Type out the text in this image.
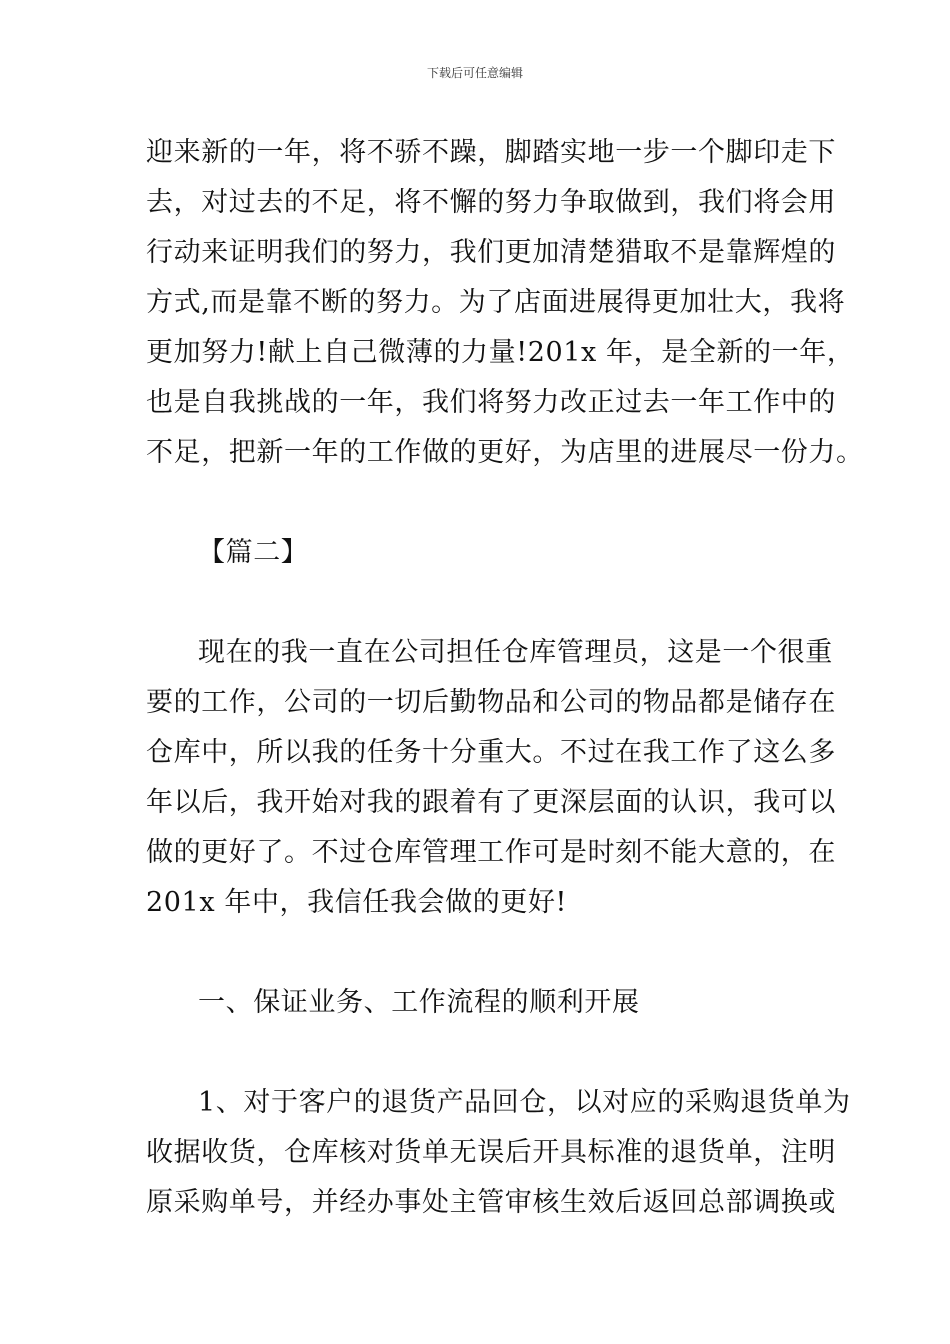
下载后可任意编辑
迎来新的一年，将不骄不躁，脚踏实地一步一个脚印走下
去，对过去的不足，将不懈的努力争取做到，我们将会用
行动来证明我们的努力，我们更加清楚猎取不是靠辉煌的
方式,而是靠不断的努力。为了店面进展得更加壮大，我将
更加努力!献上自己微薄的力量!201x 年，是全新的一年，
也是自我挑战的一年，我们将努力改正过去一年工作中的
不足，把新一年的工作做的更好，为店里的进展尽一份力。
【篇二】
现在的我一直在公司担任仓库管理员，这是一个很重
要的工作，公司的一切后勤物品和公司的物品都是储存在
仓库中，所以我的任务十分重大。不过在我工作了这么多
年以后，我开始对我的跟着有了更深层面的认识，我可以
做的更好了。不过仓库管理工作可是时刻不能大意的，在
201x 年中，我信任我会做的更好!
一、保证业务、工作流程的顺利开展
1、对于客户的退货产品回仓，以对应的采购退货单为
收据收货，仓库核对货单无误后开具标准的退货单，注明
原采购单号，并经办事处主管审核生效后返回总部调换或
